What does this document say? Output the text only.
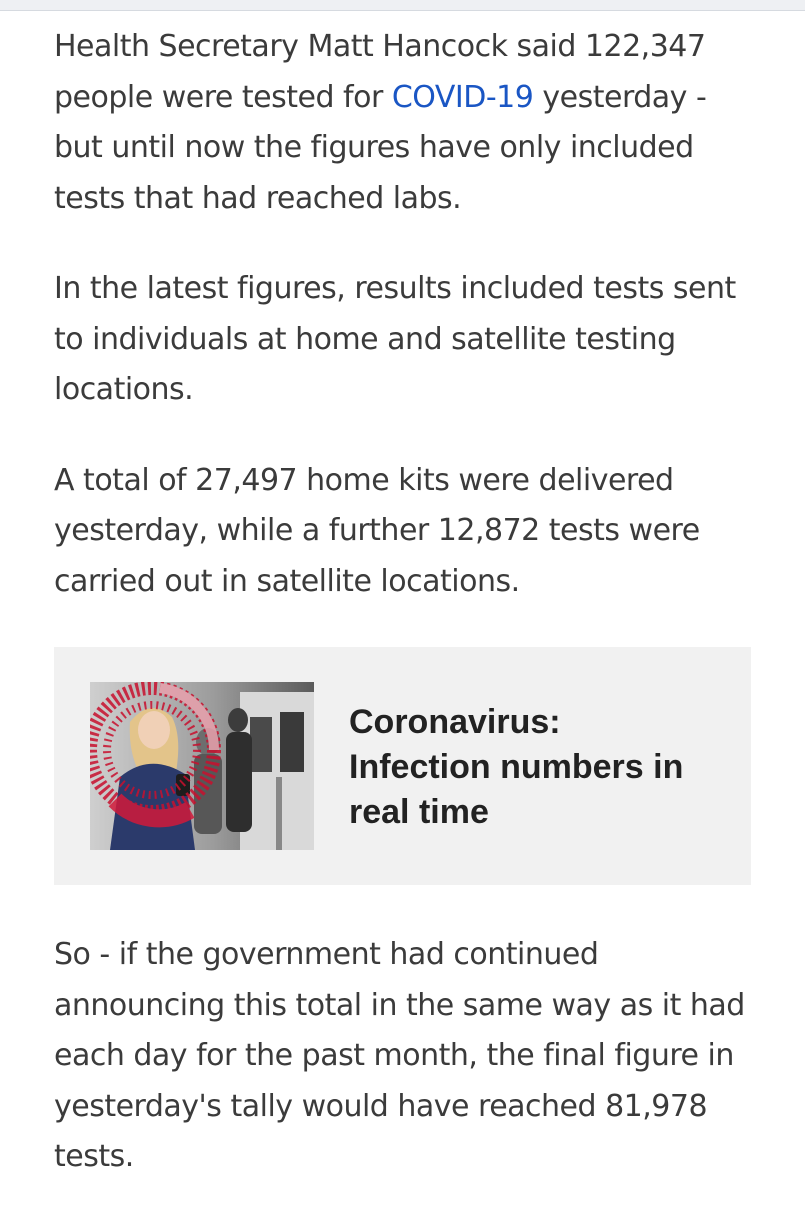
Health Secretary Matt Hancock said 122,347 people were tested for COVID-19 yesterday - but until now the figures have only included tests that had reached labs.

In the latest figures, results included tests sent to individuals at home and satellite testing locations.

A total of 27,497 home kits were delivered yesterday, while a further 12,872 tests were carried out in satellite locations.

Coronavirus: Infection numbers in real time

So - if the government had continued announcing this total in the same way as it had each day for the past month, the final figure in yesterday's tally would have reached 81,978 tests.
